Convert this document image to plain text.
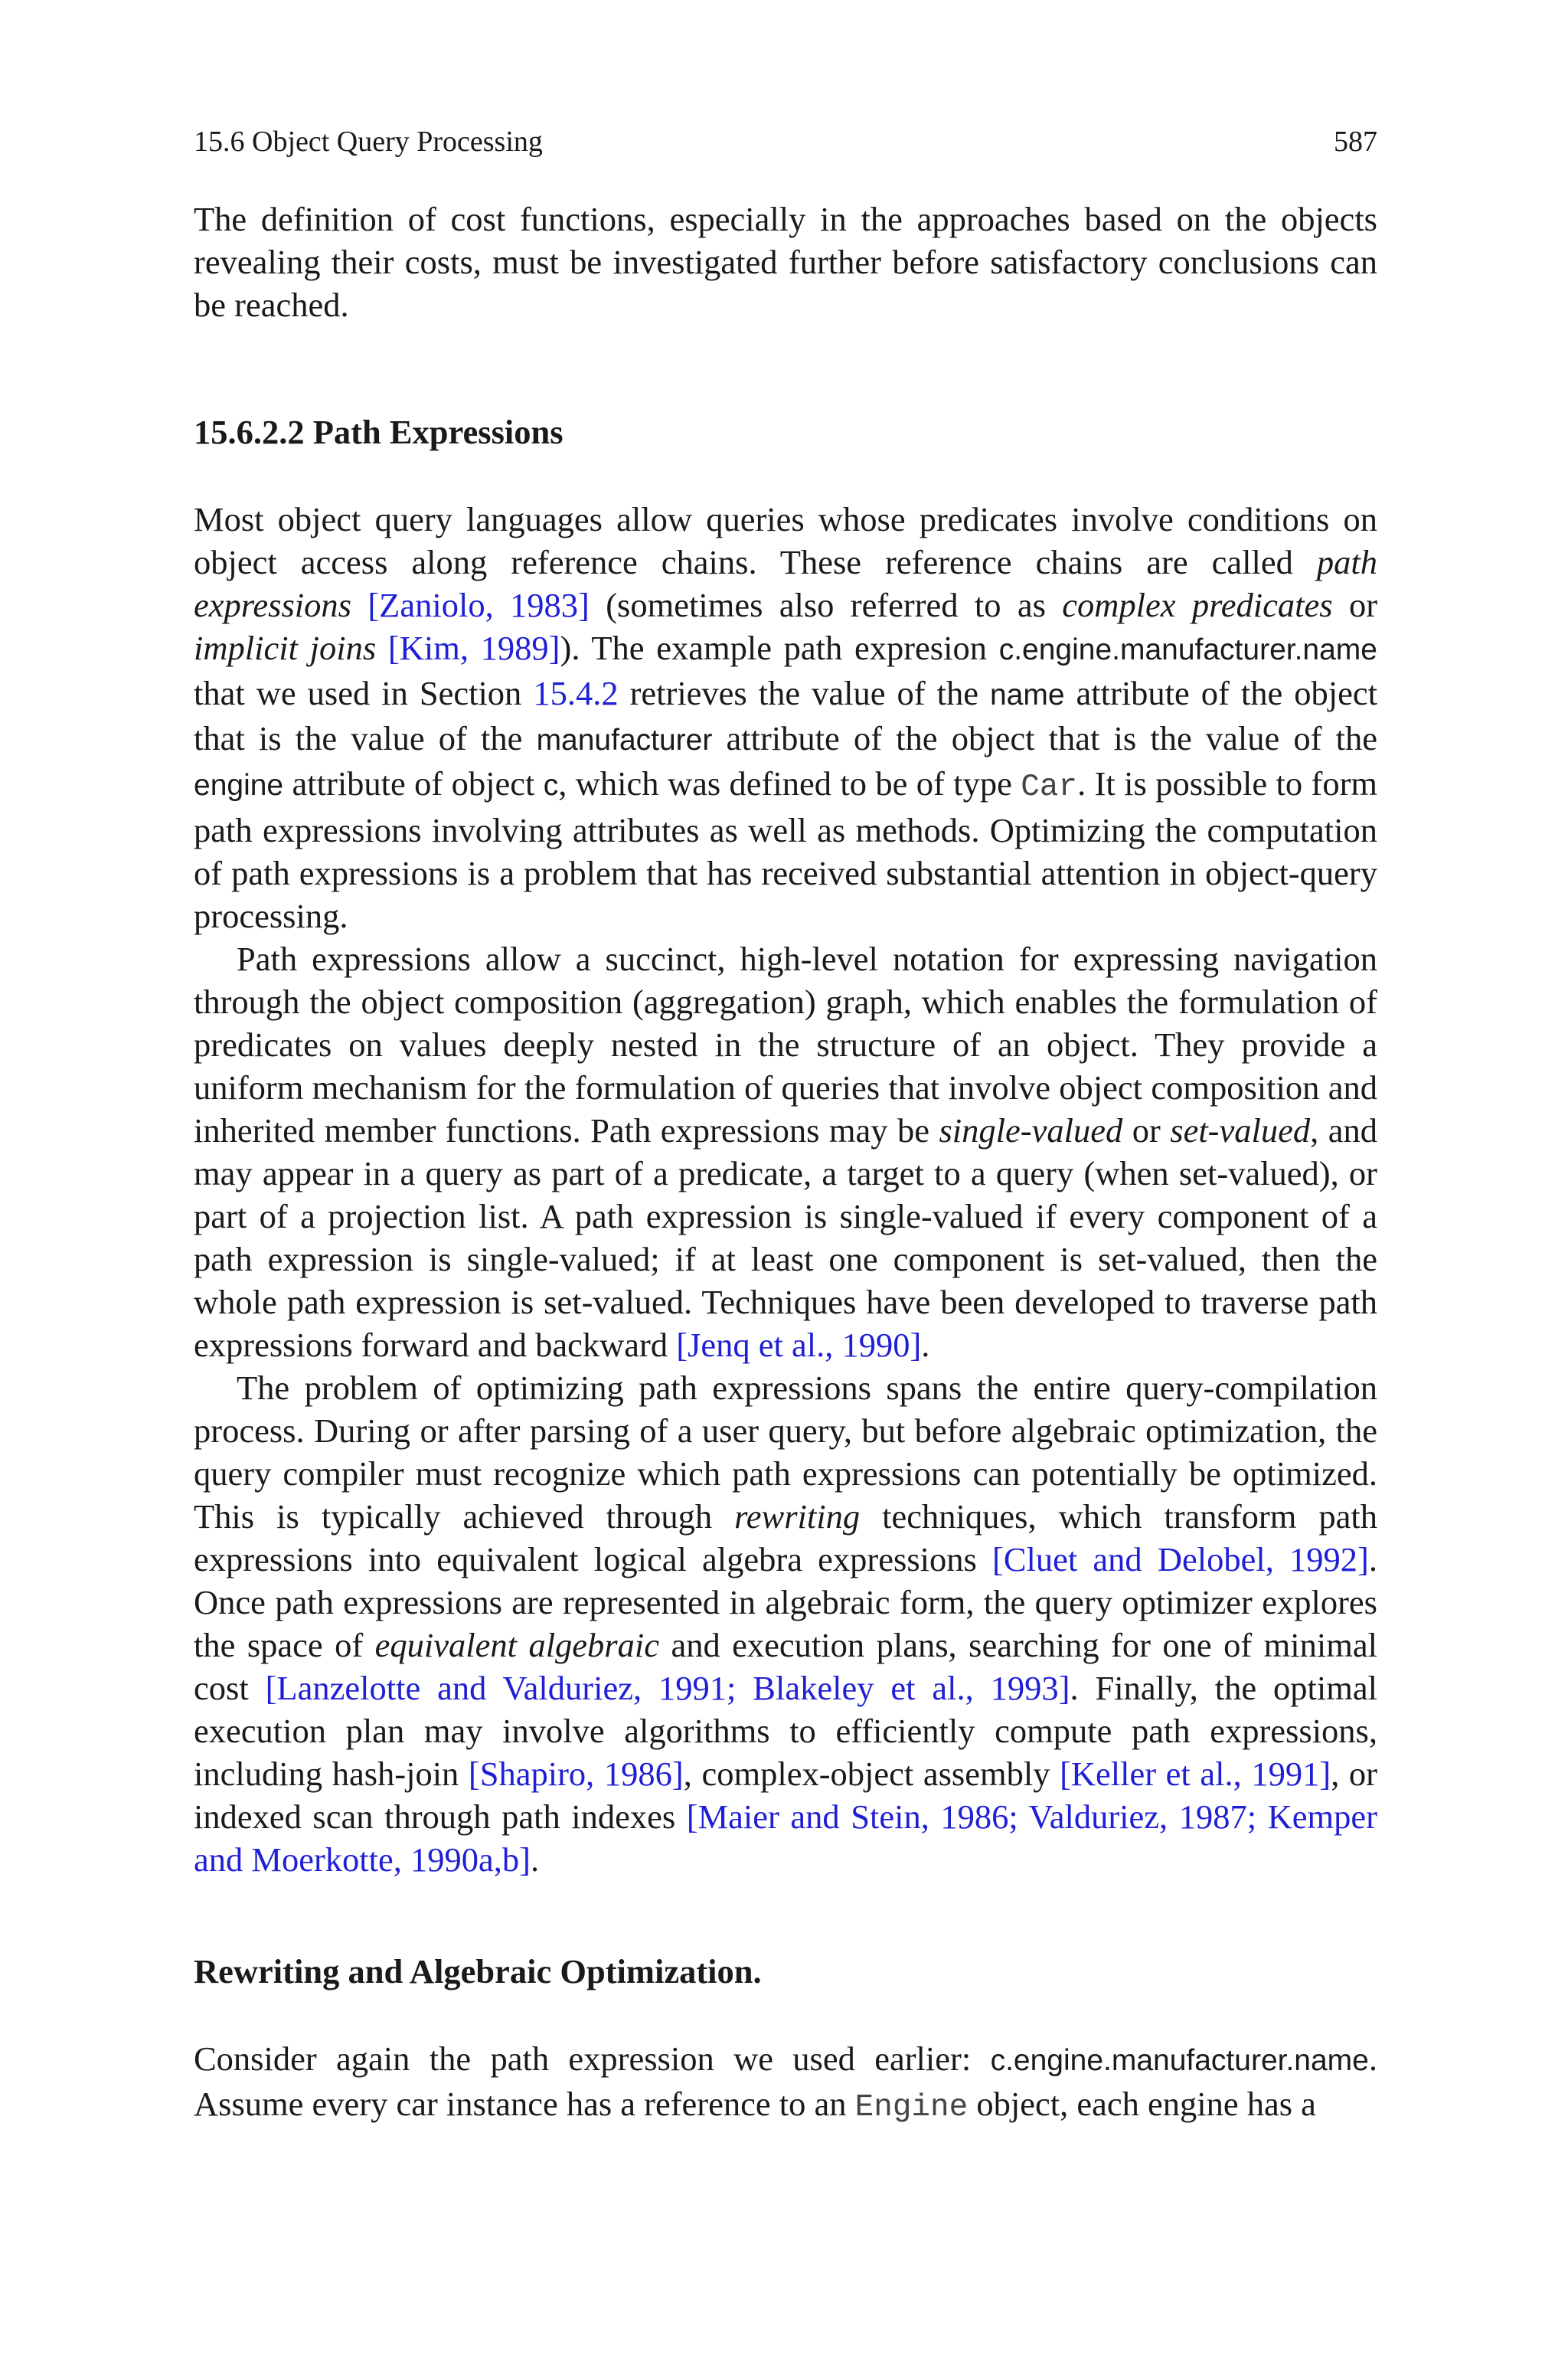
15.6 Object Query Processing	587

The definition of cost functions, especially in the approaches based on the objects revealing their costs, must be investigated further before satisfactory conclusions can be reached.

15.6.2.2 Path Expressions

Most object query languages allow queries whose predicates involve conditions on object access along reference chains. These reference chains are called path expressions [Zaniolo, 1983] (sometimes also referred to as complex predicates or implicit joins [Kim, 1989]). The example path expresion c.engine.manufacturer.name that we used in Section 15.4.2 retrieves the value of the name attribute of the object that is the value of the manufacturer attribute of the object that is the value of the engine attribute of object c, which was defined to be of type Car. It is possible to form path expressions involving attributes as well as methods. Optimizing the computation of path expressions is a problem that has received substantial attention in object-query processing.

Path expressions allow a succinct, high-level notation for expressing navigation through the object composition (aggregation) graph, which enables the formulation of predicates on values deeply nested in the structure of an object. They provide a uniform mechanism for the formulation of queries that involve object composition and inherited member functions. Path expressions may be single-valued or set-valued, and may appear in a query as part of a predicate, a target to a query (when set-valued), or part of a projection list. A path expression is single-valued if every component of a path expression is single-valued; if at least one component is set-valued, then the whole path expression is set-valued. Techniques have been developed to traverse path expressions forward and backward [Jenq et al., 1990].

The problem of optimizing path expressions spans the entire query-compilation process. During or after parsing of a user query, but before algebraic optimization, the query compiler must recognize which path expressions can potentially be optimized. This is typically achieved through rewriting techniques, which transform path expressions into equivalent logical algebra expressions [Cluet and Delobel, 1992]. Once path expressions are represented in algebraic form, the query optimizer explores the space of equivalent algebraic and execution plans, searching for one of minimal cost [Lanzelotte and Valduriez, 1991; Blakeley et al., 1993]. Finally, the optimal execution plan may involve algorithms to efficiently compute path expressions, including hash-join [Shapiro, 1986], complex-object assembly [Keller et al., 1991], or indexed scan through path indexes [Maier and Stein, 1986; Valduriez, 1987; Kemper and Moerkotte, 1990a,b].

Rewriting and Algebraic Optimization.

Consider again the path expression we used earlier: c.engine.manufacturer.name. Assume every car instance has a reference to an Engine object, each engine has a
